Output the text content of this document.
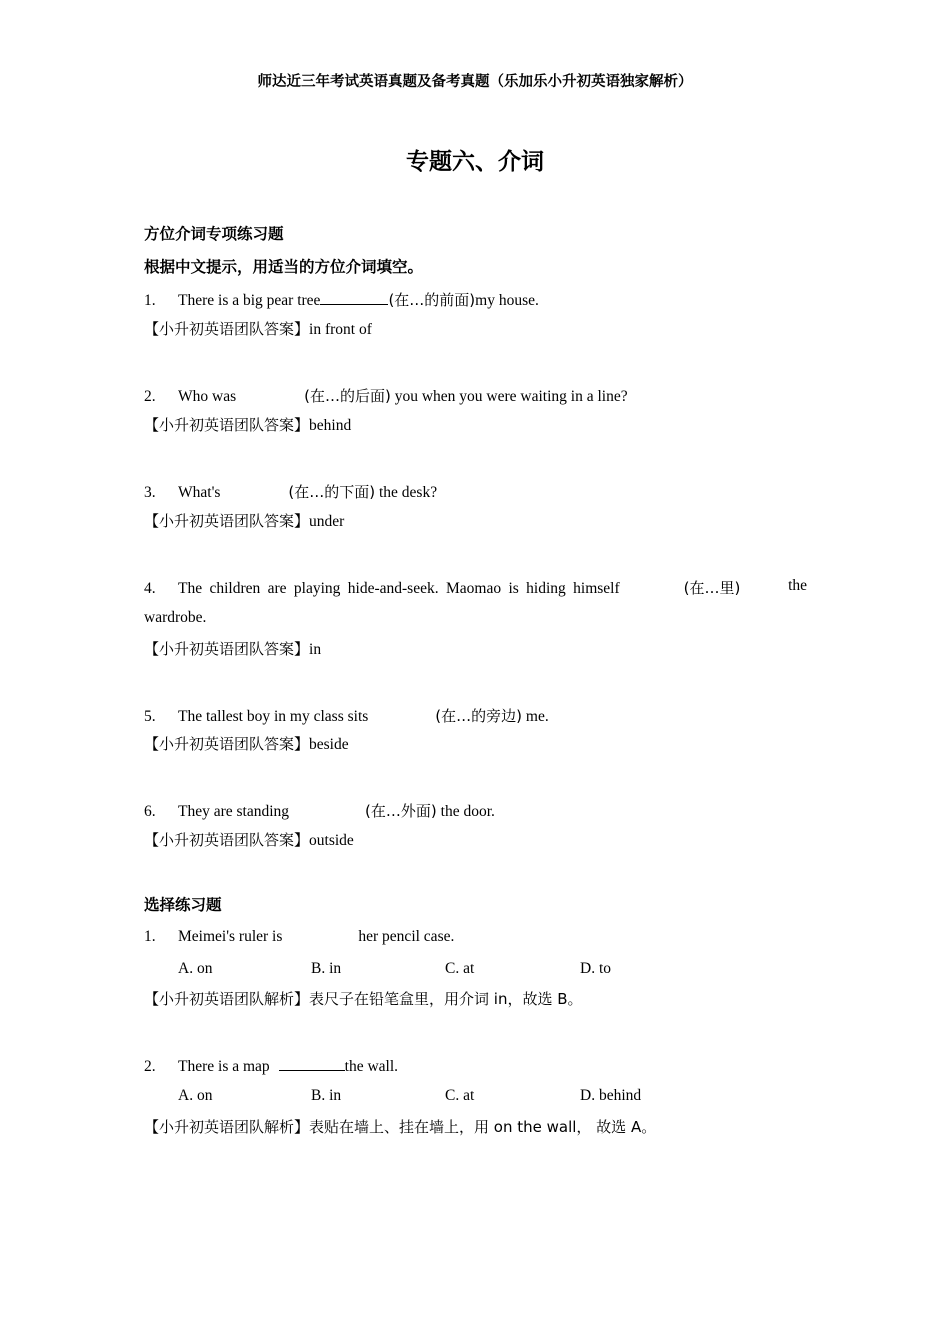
师达近三年考试英语真题及备考真题（乐加乐小升初英语独家解析）
专题六、介词
方位介词专项练习题
根据中文提示，用适当的方位介词填空。
1. There is a big pear tree	(在…的前面)my house.
【小升初英语团队答案】in front of
2. Who was	(在…的后面) you when you were waiting in a line?
【小升初英语团队答案】behind
3. What's	(在…的下面) the desk?
【小升初英语团队答案】under
4. The children are playing hide-and-seek. Maomao is hiding himself	(在…里)	the
wardrobe.
【小升初英语团队答案】in
5. The tallest boy in my class sits	(在…的旁边) me.
【小升初英语团队答案】beside
6. They are standing	(在…外面) the door.
【小升初英语团队答案】outside
选择练习题
1. Meimei's ruler is	her pencil case.
A. on	B. in	C. at	D. to
【小升初英语团队解析】表尺子在铅笔盒里，用介词 in，故选 B。
2. There is a map	the wall.
A. on	B. in	C. at	D. behind
【小升初英语团队解析】表贴在墙上、挂在墙上，用 on the wall， 故选 A。
